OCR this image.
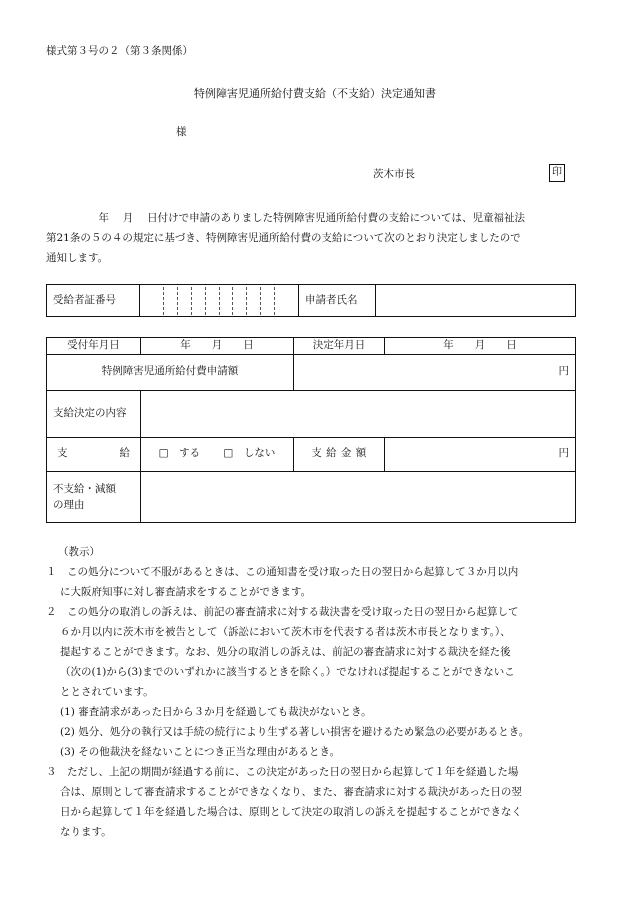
様式第３号の２（第３条関係）
特例障害児通所給付費支給（不支給）決定通知書
様
茨木市長	印

　　　　　年　 月　 日付けで申請のありました特例障害児通所給付費の支給については、児童福祉法

第21条の５の４の規定に基づき、特例障害児通所給付費の支給について次のとおり決定しましたので

通知します。

受給者証番号		申請者氏名	
受付年月日	年　　月　　日	決定年月日	年　　月　　日
特例障害児通所給付費申請額		円	
支給決定の内容			

支 給	□　する □　しない	支 給 金 額	円

不支給・減額
の理由			

（教示）

１　この処分について不服があるときは、この通知書を受け取った日の翌日から起算して３か月以内

に大阪府知事に対し審査請求をすることができます。

２　この処分の取消しの訴えは、前記の審査請求に対する裁決書を受け取った日の翌日から起算して

６か月以内に茨木市を被告として（訴訟において茨木市を代表する者は茨木市長となります。）、

提起することができます。なお、処分の取消しの訴えは、前記の審査請求に対する裁決を経た後

（次の(1)から(3)までのいずれかに該当するときを除く。）でなければ提起することができないこ

ととされています。

(1) 審査請求があった日から３か月を経過しても裁決がないとき。

(2) 処分、処分の執行又は手続の続行により生ずる著しい損害を避けるため緊急の必要があるとき。

(3) その他裁決を経ないことにつき正当な理由があるとき。

３　ただし、上記の期間が経過する前に、この決定があった日の翌日から起算して１年を経過した場

合は、原則として審査請求することができなくなり、また、審査請求に対する裁決があった日の翌

日から起算して１年を経過した場合は、原則として決定の取消しの訴えを提起することができなく

なります。
